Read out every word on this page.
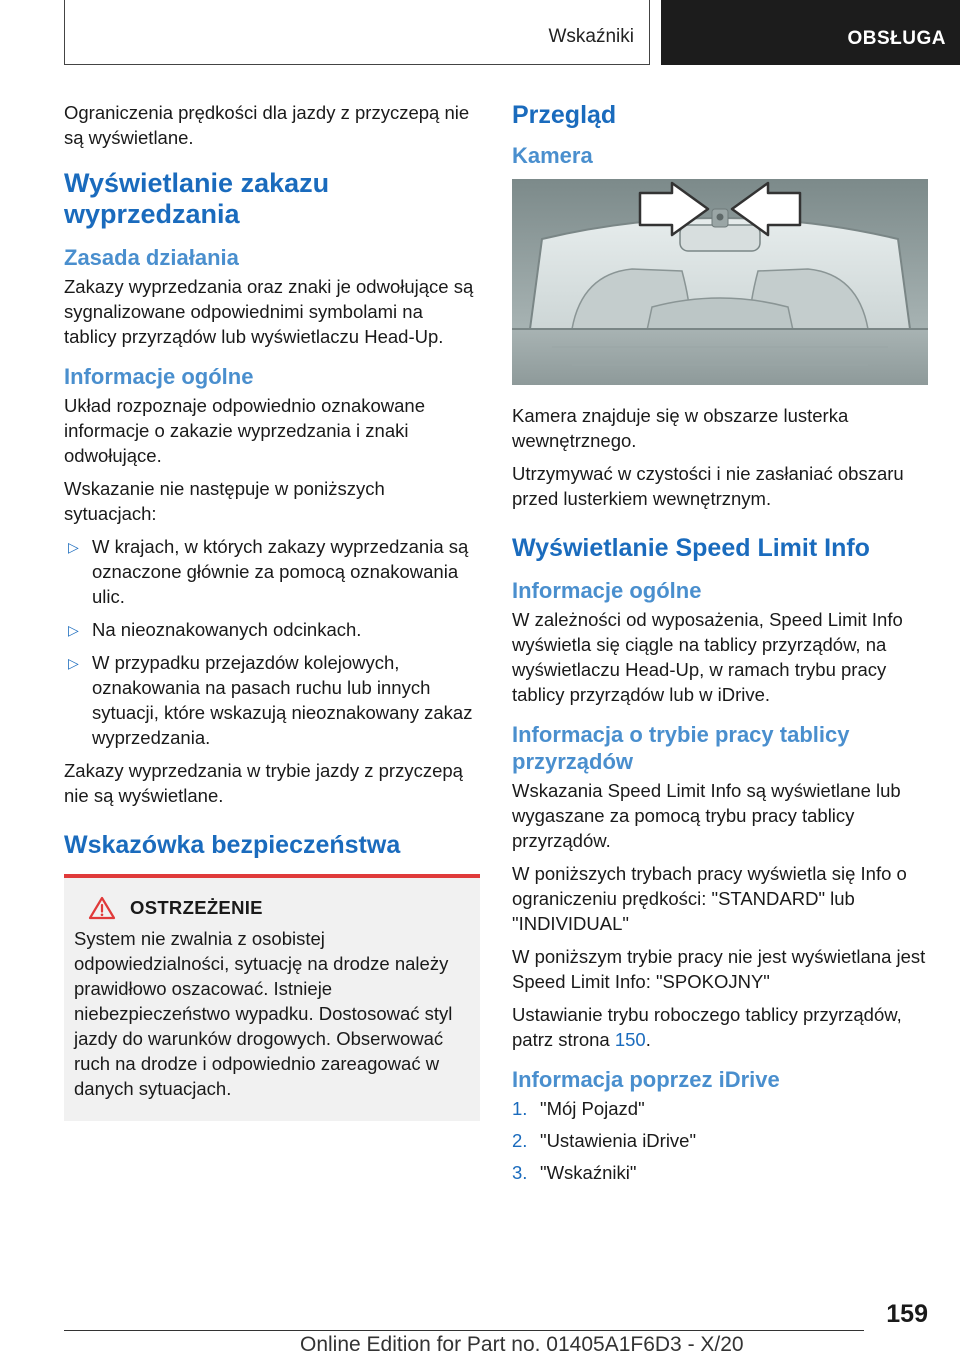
Wskaźniki	OBSŁUGA

Ograniczenia prędkości dla jazdy z przyczepą nie są wyświetlane.

Wyświetlanie zakazu wyprzedzania
Zasada działania

Zakazy wyprzedzania oraz znaki je odwołujące są sygnalizowane odpowiednimi symbolami na tablicy przyrządów lub wyświetlaczu Head-Up.

Informacje ogólne

Układ rozpoznaje odpowiednio oznakowane informacje o zakazie wyprzedzania i znaki odwołujące.

Wskazanie nie następuje w poniższych sytuacjach:

▷ W krajach, w których zakazy wyprzedzania są oznaczone głównie za pomocą oznakowania ulic.
▷ Na nieoznakowanych odcinkach.
▷ W przypadku przejazdów kolejowych, oznakowania na pasach ruchu lub innych sytuacji, które wskazują nieoznakowany zakaz wyprzedzania.

Zakazy wyprzedzania w trybie jazdy z przyczepą nie są wyświetlane.

Wskazówka bezpieczeństwa
OSTRZEŻENIE

System nie zwalnia z osobistej odpowiedzialności, sytuację na drodze należy prawidłowo oszacować. Istnieje niebezpieczeństwo wypadku. Dostosować styl jazdy do warunków drogowych. Obserwować ruch na drodze i odpowiednio zareagować w danych sytuacjach.

Przegląd
Kamera

Kamera znajduje się w obszarze lusterka wewnętrznego.

Utrzymywać w czystości i nie zasłaniać obszaru przed lusterkiem wewnętrznym.

Wyświetlanie Speed Limit Info
Informacje ogólne

W zależności od wyposażenia, Speed Limit Info wyświetla się ciągle na tablicy przyrządów, na wyświetlaczu Head-Up, w ramach trybu pracy tablicy przyrządów lub w iDrive.

Informacja o trybie pracy tablicy przyrządów

Wskazania Speed Limit Info są wyświetlane lub wygaszane za pomocą trybu pracy tablicy przyrządów.

W poniższych trybach pracy wyświetla się Info o ograniczeniu prędkości: "STANDARD" lub "INDIVIDUAL"

W poniższym trybie pracy nie jest wyświetlana jest Speed Limit Info: "SPOKOJNY"

Ustawianie trybu roboczego tablicy przyrządów, patrz strona 150.

Informacja poprzez iDrive
1. "Mój Pojazd"
2. "Ustawienia iDrive"
3. "Wskaźniki"
159
Online Edition for Part no. 01405A1F6D3 - X/20
